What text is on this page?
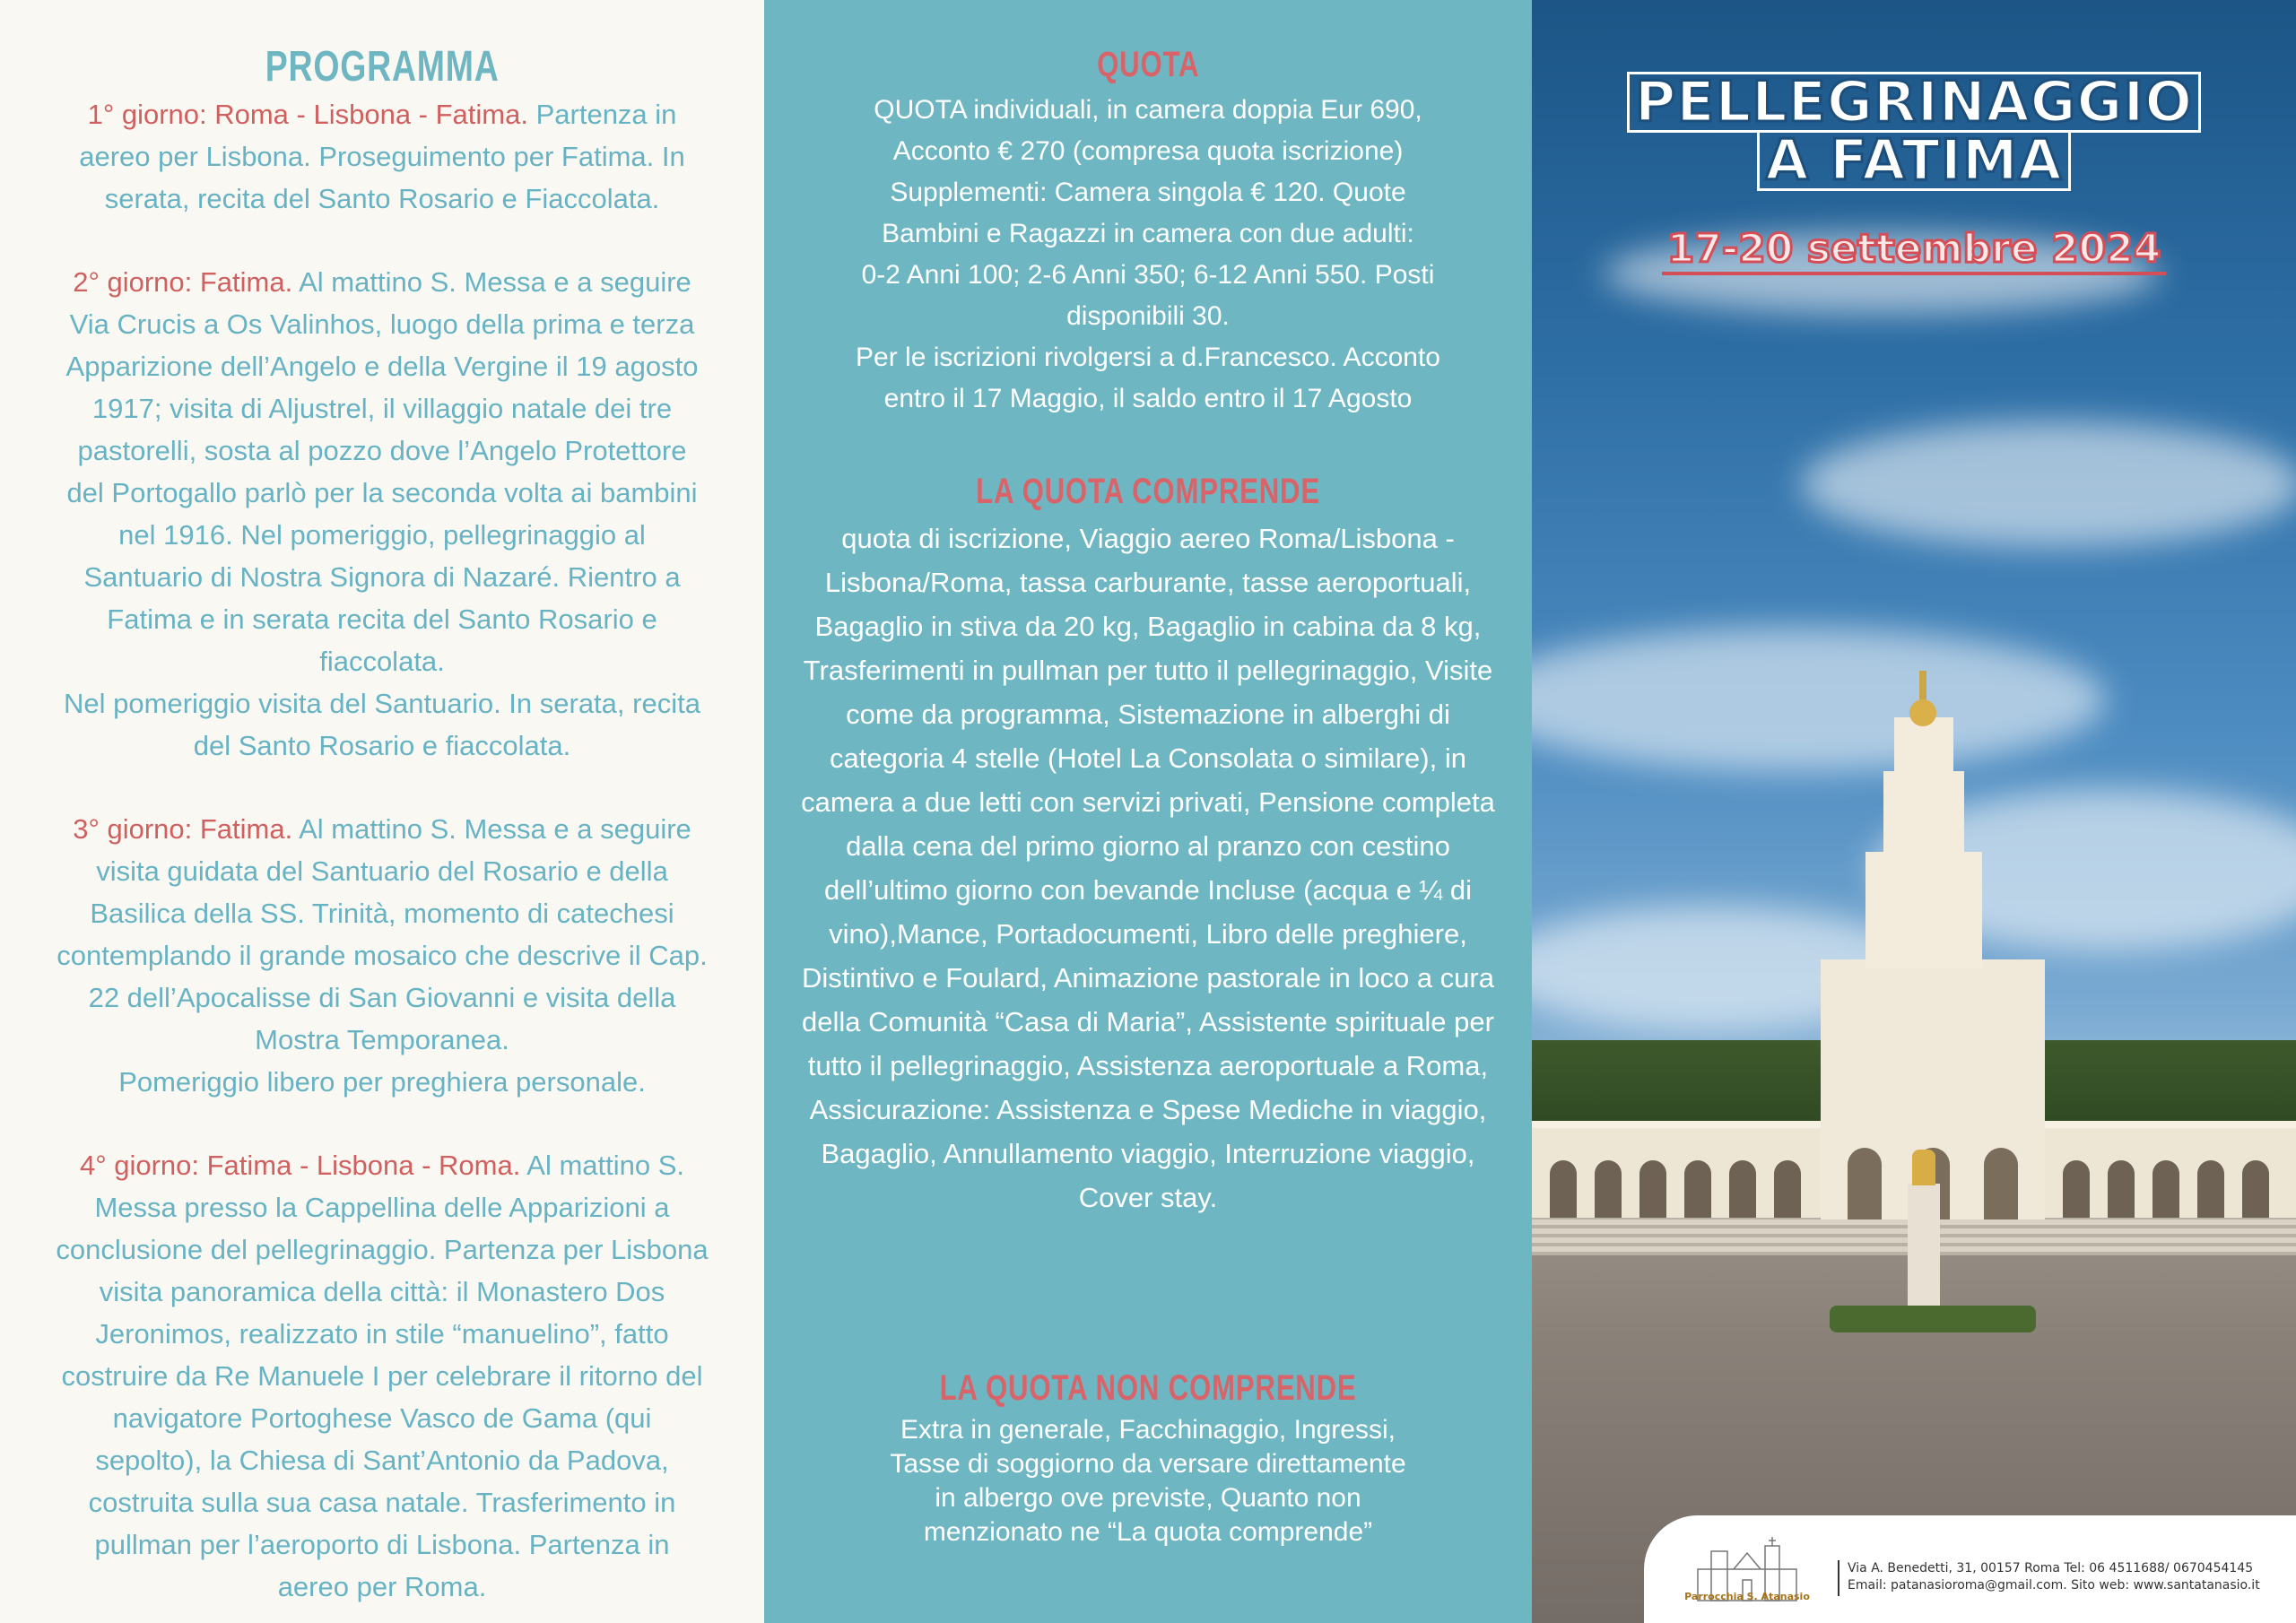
PROGRAMMA

1° giorno: Roma - Lisbona - Fatima. Partenza in aereo per Lisbona. Proseguimento per Fatima. In serata, recita del Santo Rosario e Fiaccolata.

2° giorno: Fatima. Al mattino S. Messa e a seguire Via Crucis a Os Valinhos, luogo della prima e terza Apparizione dell’Angelo e della Vergine il 19 agosto 1917; visita di Aljustrel, il villaggio natale dei tre pastorelli, sosta al pozzo dove l’Angelo Protettore del Portogallo parlò per la seconda volta ai bambini nel 1916. Nel pomeriggio, pellegrinaggio al Santuario di Nostra Signora di Nazaré. Rientro a Fatima e in serata recita del Santo Rosario e fiaccolata.

Nel pomeriggio visita del Santuario. In serata, recita del Santo Rosario e fiaccolata.

3° giorno: Fatima. Al mattino S. Messa e a seguire visita guidata del Santuario del Rosario e della Basilica della SS. Trinità, momento di catechesi contemplando il grande mosaico che descrive il Cap. 22 dell’Apocalisse di San Giovanni e visita della Mostra Temporanea.

Pomeriggio libero per preghiera personale.

4° giorno: Fatima - Lisbona - Roma. Al mattino S. Messa presso la Cappellina delle Apparizioni a conclusione del pellegrinaggio. Partenza per Lisbona visita panoramica della città: il Monastero Dos Jeronimos, realizzato in stile “manuelino”, fatto costruire da Re Manuele I per celebrare il ritorno del navigatore Portoghese Vasco de Gama (qui sepolto), la Chiesa di Sant’Antonio da Padova, costruita sulla sua casa natale. Trasferimento in pullman per l’aeroporto di Lisbona. Partenza in aereo per Roma.

QUOTA
QUOTA individuali, in camera doppia Eur 690,
Acconto € 270 (compresa quota iscrizione)
Supplementi: Camera singola € 120. Quote
Bambini e Ragazzi in camera con due adulti:
0-2 Anni 100; 2-6 Anni 350; 6-12 Anni 550. Posti
disponibili 30.
Per le iscrizioni rivolgersi a d.Francesco. Acconto
entro il 17 Maggio, il saldo entro il 17 Agosto
LA QUOTA COMPRENDE
quota di iscrizione, Viaggio aereo Roma/Lisbona - Lisbona/Roma, tassa carburante, tasse aeroportuali, Bagaglio in stiva da 20 kg, Bagaglio in cabina da 8 kg, Trasferimenti in pullman per tutto il pellegrinaggio, Visite come da programma, Sistemazione in alberghi di categoria 4 stelle (Hotel La Consolata o similare), in camera a due letti con servizi privati, Pensione completa dalla cena del primo giorno al pranzo con cestino dell’ultimo giorno con bevande Incluse (acqua e ¼ di vino),Mance, Portadocumenti, Libro delle preghiere, Distintivo e Foulard, Animazione pastorale in loco a cura della Comunità “Casa di Maria”, Assistente spirituale per tutto il pellegrinaggio, Assistenza aeroportuale a Roma, Assicurazione: Assistenza e Spese Mediche in viaggio, Bagaglio, Annullamento viaggio, Interruzione viaggio, Cover stay.
LA QUOTA NON COMPRENDE
Extra in generale, Facchinaggio, Ingressi,
Tasse di soggiorno da versare direttamente
in albergo ove previste, Quanto non
menzionato ne “La quota comprende”
PELLEGRINAGGIO
A FATIMA
17-20 settembre 2024
Parrocchia S. Atanasio
Via A. Benedetti, 31, 00157 Roma Tel: 06 4511688/ 0670454145
Email: patanasioroma@gmail.com. Sito web: www.santatanasio.it
